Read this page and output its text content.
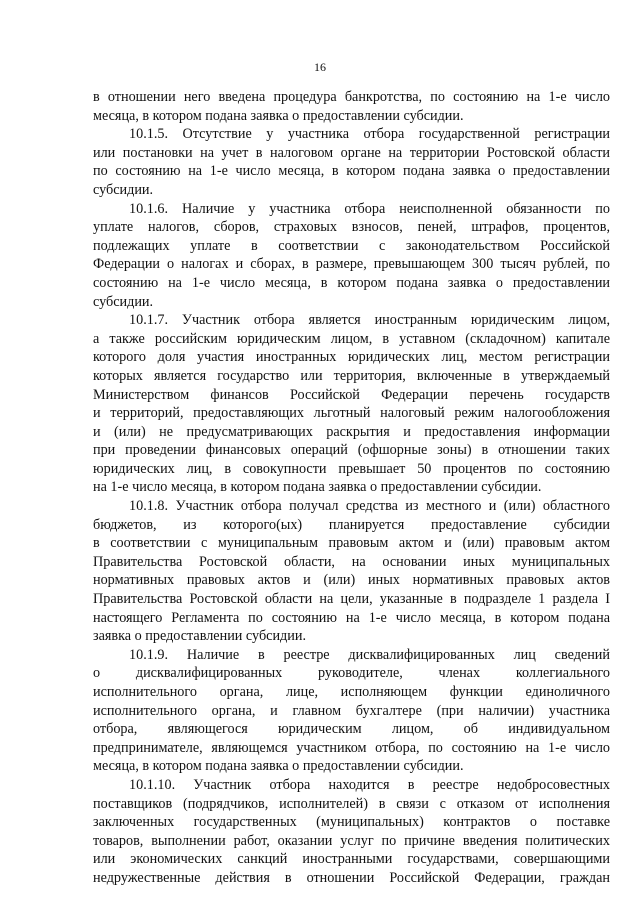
16
в отношении него введена процедура банкротства, по состоянию на 1-е число
месяца, в котором подана заявка о предоставлении субсидии.
10.1.5. Отсутствие у участника отбора государственной регистрации
или постановки на учет в налоговом органе на территории Ростовской области
по состоянию на 1-е число месяца, в котором подана заявка о предоставлении
субсидии.
10.1.6. Наличие у участника отбора неисполненной обязанности по
уплате налогов, сборов, страховых взносов, пеней, штрафов, процентов,
подлежащих уплате в соответствии с законодательством Российской
Федерации о налогах и сборах, в размере, превышающем 300 тысяч рублей, по
состоянию на 1-е число месяца, в котором подана заявка о предоставлении
субсидии.
10.1.7. Участник отбора является иностранным юридическим лицом,
а также российским юридическим лицом, в уставном (складочном) капитале
которого доля участия иностранных юридических лиц, местом регистрации
которых является государство или территория, включенные в утверждаемый
Министерством финансов Российской Федерации перечень государств
и территорий, предоставляющих льготный налоговый режим налогообложения
и (или) не предусматривающих раскрытия и предоставления информации
при проведении финансовых операций (офшорные зоны) в отношении таких
юридических лиц, в совокупности превышает 50 процентов по состоянию
на 1-е число месяца, в котором подана заявка о предоставлении субсидии.
10.1.8. Участник отбора получал средства из местного и (или) областного
бюджетов, из которого(ых) планируется предоставление субсидии
в соответствии с муниципальным правовым актом и (или) правовым актом
Правительства Ростовской области, на основании иных муниципальных
нормативных правовых актов и (или) иных нормативных правовых актов
Правительства Ростовской области на цели, указанные в подразделе 1 раздела I
настоящего Регламента по состоянию на 1-е число месяца, в котором подана
заявка о предоставлении субсидии.
10.1.9. Наличие в реестре дисквалифицированных лиц сведений
о дисквалифицированных руководителе, членах коллегиального
исполнительного органа, лице, исполняющем функции единоличного
исполнительного органа, и главном бухгалтере (при наличии) участника
отбора, являющегося юридическим лицом, об индивидуальном
предпринимателе, являющемся участником отбора, по состоянию на 1-е число
месяца, в котором подана заявка о предоставлении субсидии.
10.1.10. Участник отбора находится в реестре недобросовестных
поставщиков (подрядчиков, исполнителей) в связи с отказом от исполнения
заключенных государственных (муниципальных) контрактов о поставке
товаров, выполнении работ, оказании услуг по причине введения политических
или экономических санкций иностранными государствами, совершающими
недружественные действия в отношении Российской Федерации, граждан
